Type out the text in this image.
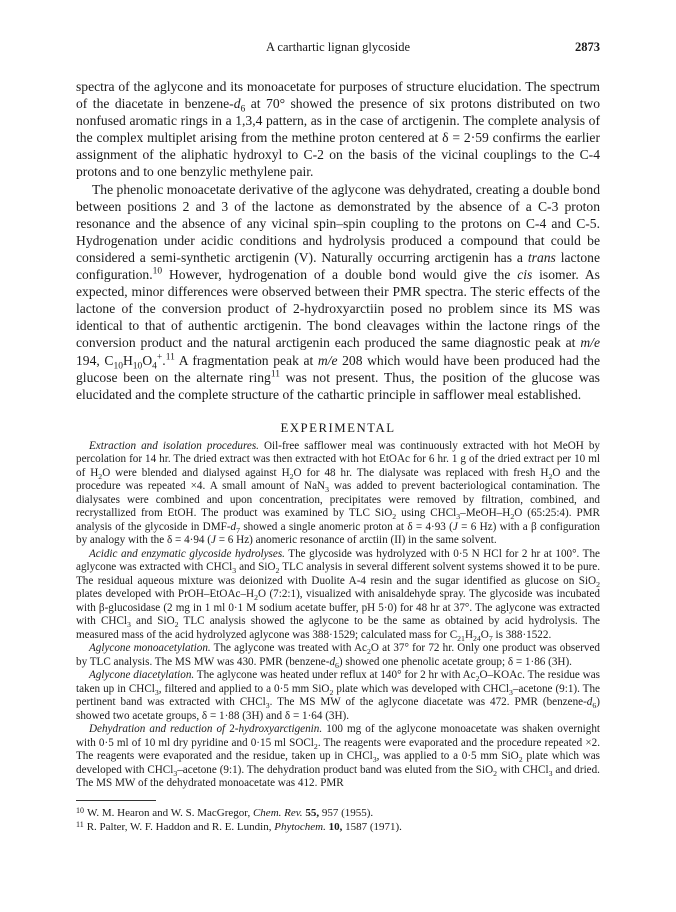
A carthartic lignan glycoside	2873

spectra of the aglycone and its monoacetate for purposes of structure elucidation. The spectrum of the diacetate in benzene-$d_6$ at 70° showed the presence of six protons distributed on two nonfused aromatic rings in a 1,3,4 pattern, as in the case of arctigenin. The complete analysis of the complex multiplet arising from the methine proton centered at δ = 2·59 confirms the earlier assignment of the aliphatic hydroxyl to C-2 on the basis of the vicinal couplings to the C-4 protons and to one benzylic methylene pair.

The phenolic monoacetate derivative of the aglycone was dehydrated, creating a double bond between positions 2 and 3 of the lactone as demonstrated by the absence of a C-3 proton resonance and the absence of any vicinal spin–spin coupling to the protons on C-4 and C-5. Hydrogenation under acidic conditions and hydrolysis produced a compound that could be considered a semi-synthetic arctigenin (V). Naturally occurring arctigenin has a trans lactone configuration.$^{10}$ However, hydrogenation of a double bond would give the cis isomer. As expected, minor differences were observed between their PMR spectra. The steric effects of the lactone of the conversion product of 2-hydroxyarctiin posed no problem since its MS was identical to that of authentic arctigenin. The bond cleavages within the lactone rings of the conversion product and the natural arctigenin each produced the same diagnostic peak at m/e 194, $C_{10}H_{10}O_4^+.^{11}$ A fragmentation peak at m/e 208 which would have been produced had the glucose been on the alternate ring$^{11}$ was not present. Thus, the position of the glucose was elucidated and the complete structure of the cathartic principle in safflower meal established.

EXPERIMENTAL

Extraction and isolation procedures. Oil-free safflower meal was continuously extracted with hot MeOH by percolation for 14 hr. The dried extract was then extracted with hot EtOAc for 6 hr. 1 g of the dried extract per 10 ml of $H_2O$ were blended and dialysed against $H_2O$ for 48 hr. The dialysate was replaced with fresh $H_2O$ and the procedure was repeated ×4. A small amount of NaN$_3$ was added to prevent bacteriological contamination. The dialysates were combined and upon concentration, precipitates were removed by filtration, combined, and recrystallized from EtOH. The product was examined by TLC SiO$_2$ using $CHCl_3-MeOH-H_2O$ (65:25:4). PMR analysis of the glycoside in DMF-$d_7$ showed a single anomeric proton at δ = 4·93 (J = 6 Hz) with a β configuration by analogy with the δ = 4·94 (J = 6 Hz) anomeric resonance of arctiin (II) in the same solvent.

Acidic and enzymatic glycoside hydrolyses. The glycoside was hydrolyzed with 0·5 N HCl for 2 hr at 100°. The aglycone was extracted with CHCl$_3$ and SiO$_2$ TLC analysis in several different solvent systems showed it to be pure. The residual aqueous mixture was deionized with Duolite A-4 resin and the sugar identified as glucose on SiO$_2$ plates developed with PrOH–$EtOAc-H_2O$ (7:2:1), visualized with anisaldehyde spray. The glycoside was incubated with β-glucosidase (2 mg in 1 ml 0·1 M sodium acetate buffer, pH 5·0) for 48 hr at 37°. The aglycone was extracted with CHCl$_3$ and SiO$_2$ TLC analysis showed the aglycone to be the same as obtained by acid hydrolysis. The measured mass of the acid hydrolyzed aglycone was 388·1529; calculated mass for $C_{21}H_{24}O_7$ is 388·1522.

Aglycone monoacetylation. The aglycone was treated with $Ac_2O$ at 37° for 72 hr. Only one product was observed by TLC analysis. The MS MW was 430. PMR $(benzene-d_6)$ showed one phenolic acetate group; δ = 1·86 (3H).

Aglycone diacetylation. The aglycone was heated under reflux at 140° for 2 hr with $Ac_2O$–KOAc. The residue was taken up in CHCl$_3$, filtered and applied to a 0·5 mm SiO$_2$ plate which was developed with CHCl$_3$–acetone (9:1). The pertinent band was extracted with CHCl$_3$. The MS MW of the aglycone diacetate was 472. PMR $(benzene-d_6)$ showed two acetate groups, δ = 1·88 (3H) and δ = 1·64 (3H).

Dehydration and reduction of 2-hydroxyarctigenin. 100 mg of the aglycone monoacetate was shaken overnight with 0·5 ml of 10 ml dry pyridine and 0·15 ml SOCl$_2$. The reagents were evaporated and the procedure repeated ×2. The reagents were evaporated and the residue, taken up in CHCl$_3$, was applied to a 0·5 mm SiO$_2$ plate which was developed with CHCl$_3$–acetone (9:1). The dehydration product band was eluted from the SiO$_2$ with CHCl$_3$ and dried. The MS MW of the dehydrated monoacetate was 412. PMR

$^{10}$ W. M. Hearon and W. S. MacGregor, Chem. Rev. 55, 957 (1955).

$^{11}$ R. Palter, W. F. Haddon and R. E. Lundin, Phytochem. 10, 1587 (1971).
